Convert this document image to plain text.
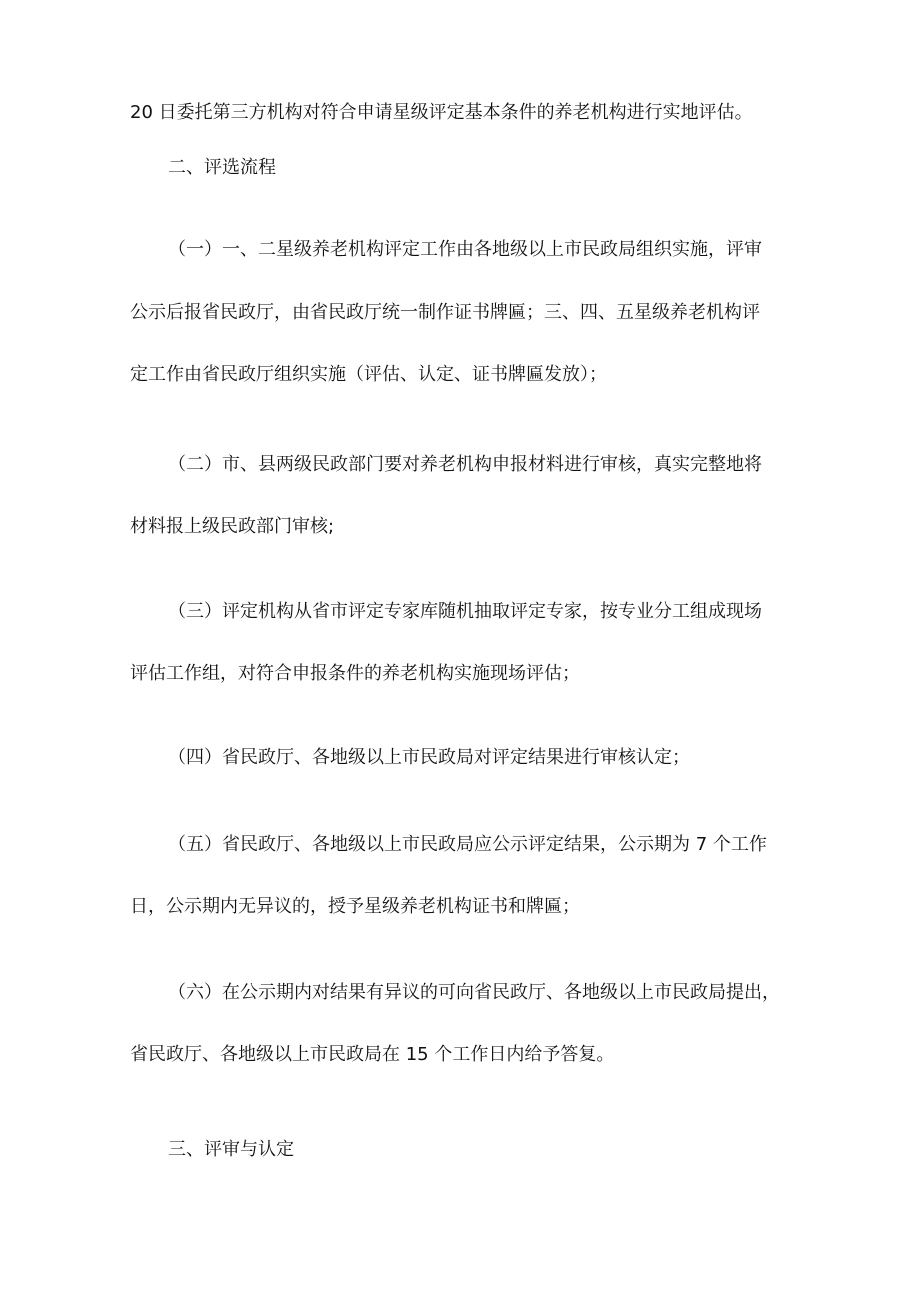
20 日委托第三方机构对符合申请星级评定基本条件的养老机构进行实地评估。

二、评选流程

（一）一、二星级养老机构评定工作由各地级以上市民政局组织实施，评审

公示后报省民政厅，由省民政厅统一制作证书牌匾；三、四、五星级养老机构评

定工作由省民政厅组织实施（评估、认定、证书牌匾发放）；

（二）市、县两级民政部门要对养老机构申报材料进行审核，真实完整地将

材料报上级民政部门审核;

（三）评定机构从省市评定专家库随机抽取评定专家，按专业分工组成现场

评估工作组，对符合申报条件的养老机构实施现场评估；

（四）省民政厅、各地级以上市民政局对评定结果进行审核认定；

（五）省民政厅、各地级以上市民政局应公示评定结果，公示期为 7 个工作

日，公示期内无异议的，授予星级养老机构证书和牌匾；

（六）在公示期内对结果有异议的可向省民政厅、各地级以上市民政局提出，

省民政厅、各地级以上市民政局在 15 个工作日内给予答复。

三、评审与认定
